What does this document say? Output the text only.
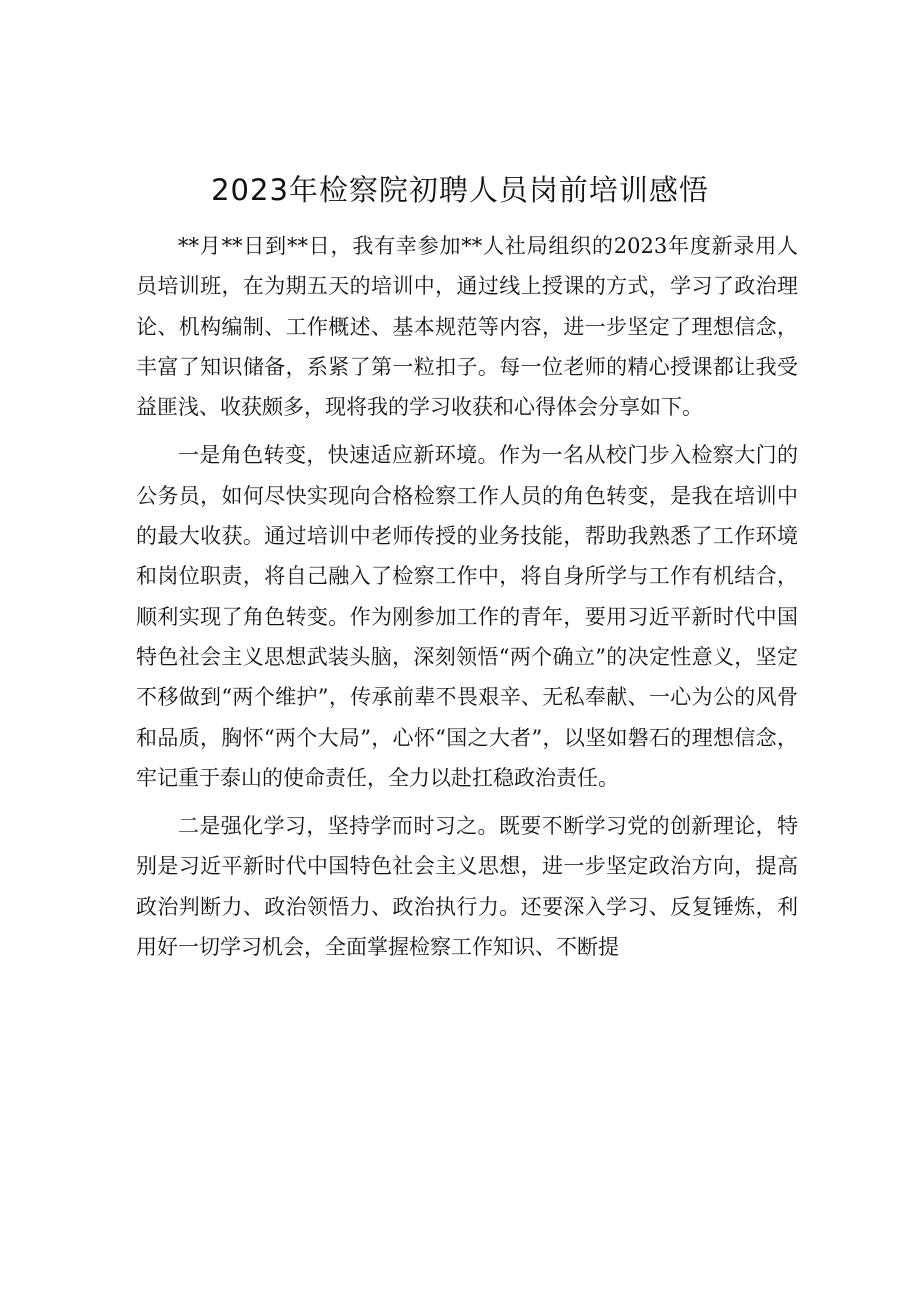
2023年检察院初聘人员岗前培训感悟

**月**日到**日，我有幸参加**人社局组织的2023年度新录用人员培训班，在为期五天的培训中，通过线上授课的方式，学习了政治理论、机构编制、工作概述、基本规范等内容，进一步坚定了理想信念，丰富了知识储备，系紧了第一粒扣子。每一位老师的精心授课都让我受益匪浅、收获颇多，现将我的学习收获和心得体会分享如下。

一是角色转变，快速适应新环境。作为一名从校门步入检察大门的公务员，如何尽快实现向合格检察工作人员的角色转变，是我在培训中的最大收获。通过培训中老师传授的业务技能，帮助我熟悉了工作环境和岗位职责，将自己融入了检察工作中，将自身所学与工作有机结合，顺利实现了角色转变。作为刚参加工作的青年，要用习近平新时代中国特色社会主义思想武装头脑，深刻领悟“两个确立”的决定性意义，坚定不移做到“两个维护”，传承前辈不畏艰辛、无私奉献、一心为公的风骨和品质，胸怀“两个大局”，心怀“国之大者”，以坚如磐石的理想信念，牢记重于泰山的使命责任，全力以赴扛稳政治责任。

二是强化学习，坚持学而时习之。既要不断学习党的创新理论，特别是习近平新时代中国特色社会主义思想，进一步坚定政治方向，提高政治判断力、政治领悟力、政治执行力。还要深入学习、反复锤炼，利用好一切学习机会，全面掌握检察工作知识、不断提
